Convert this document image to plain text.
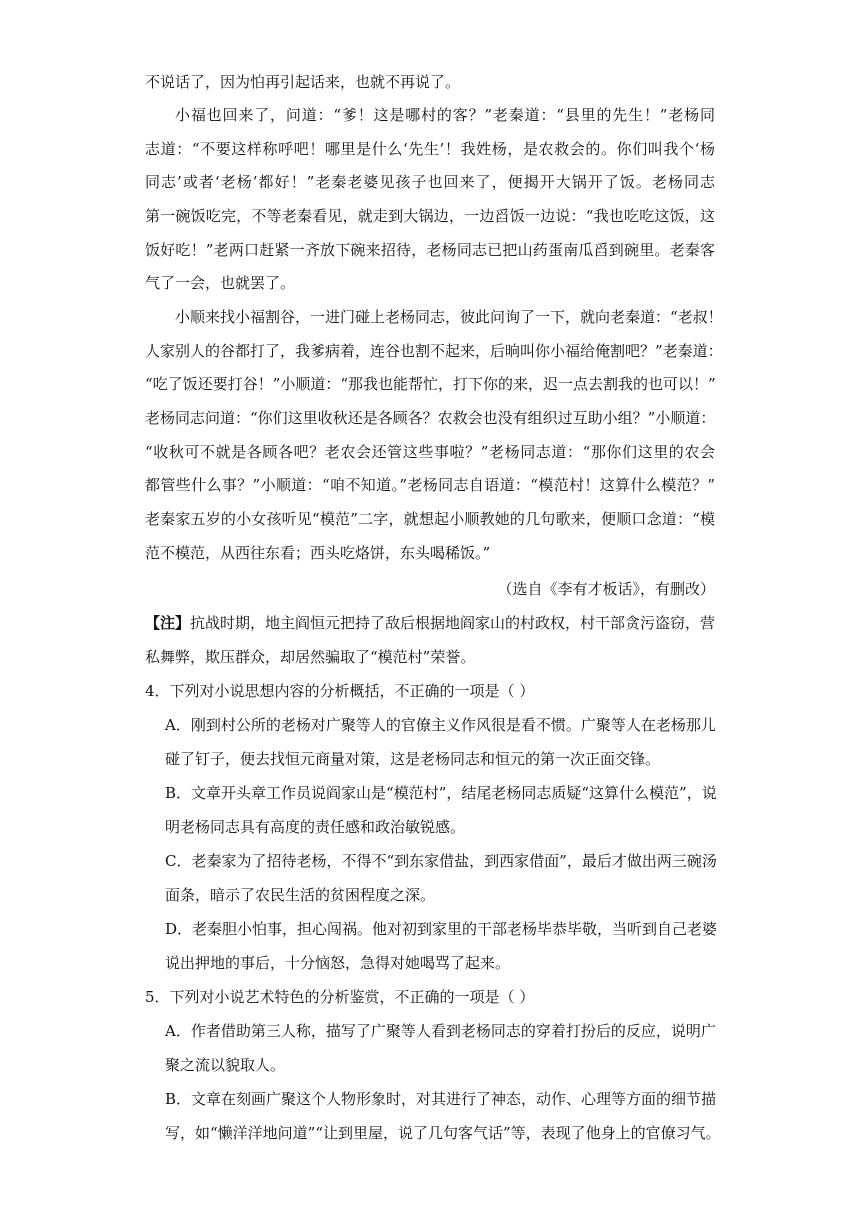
不说话了，因为怕再引起话来，也就不再说了。
小福也回来了，问道：“爹！这是哪村的客？”老秦道：“县里的先生！”老杨同
志道：“不要这样称呼吧！哪里是什么‘先生’！我姓杨，是农救会的。你们叫我个‘杨
同志’或者‘老杨’都好！”老秦老婆见孩子也回来了，便揭开大锅开了饭。老杨同志
第一碗饭吃完，不等老秦看见，就走到大锅边，一边舀饭一边说：“我也吃吃这饭，这
饭好吃！”老两口赶紧一齐放下碗来招待，老杨同志已把山药蛋南瓜舀到碗里。老秦客
气了一会，也就罢了。
小顺来找小福割谷，一进门碰上老杨同志，彼此问询了一下，就向老秦道：“老叔！
人家别人的谷都打了，我爹病着，连谷也割不起来，后晌叫你小福给俺割吧？”老秦道：
“吃了饭还要打谷！”小顺道：“那我也能帮忙，打下你的来，迟一点去割我的也可以！”
老杨同志问道：“你们这里收秋还是各顾各？农救会也没有组织过互助小组？”小顺道：
“收秋可不就是各顾各吧？老农会还管这些事啦？”老杨同志道：“那你们这里的农会
都管些什么事？”小顺道：“咱不知道。”老杨同志自语道：“模范村！这算什么模范？”
老秦家五岁的小女孩听见“模范”二字，就想起小顺教她的几句歌来，便顺口念道：“模
范不模范，从西往东看；西头吃烙饼，东头喝稀饭。”
（选自《李有才板话》，有删改）
【注】抗战时期，地主阎恒元把持了敌后根据地阎家山的村政权，村干部贪污盗窃，营
私舞弊，欺压群众，却居然骗取了“模范村”荣誉。
4．下列对小说思想内容的分析概括，不正确的一项是（ ）
A．刚到村公所的老杨对广聚等人的官僚主义作风很是看不惯。广聚等人在老杨那儿
碰了钉子，便去找恒元商量对策，这是老杨同志和恒元的第一次正面交锋。
B．文章开头章工作员说阎家山是“模范村”，结尾老杨同志质疑“这算什么模范”，说
明老杨同志具有高度的责任感和政治敏锐感。
C．老秦家为了招待老杨，不得不“到东家借盐，到西家借面”，最后才做出两三碗汤
面条，暗示了农民生活的贫困程度之深。
D．老秦胆小怕事，担心闯祸。他对初到家里的干部老杨毕恭毕敬，当听到自己老婆
说出押地的事后，十分恼怒，急得对她喝骂了起来。
5．下列对小说艺术特色的分析鉴赏，不正确的一项是（ ）
A．作者借助第三人称，描写了广聚等人看到老杨同志的穿着打扮后的反应，说明广
聚之流以貌取人。
B．文章在刻画广聚这个人物形象时，对其进行了神态，动作、心理等方面的细节描
写，如“懒洋洋地问道”“让到里屋，说了几句客气话”等，表现了他身上的官僚习气。
